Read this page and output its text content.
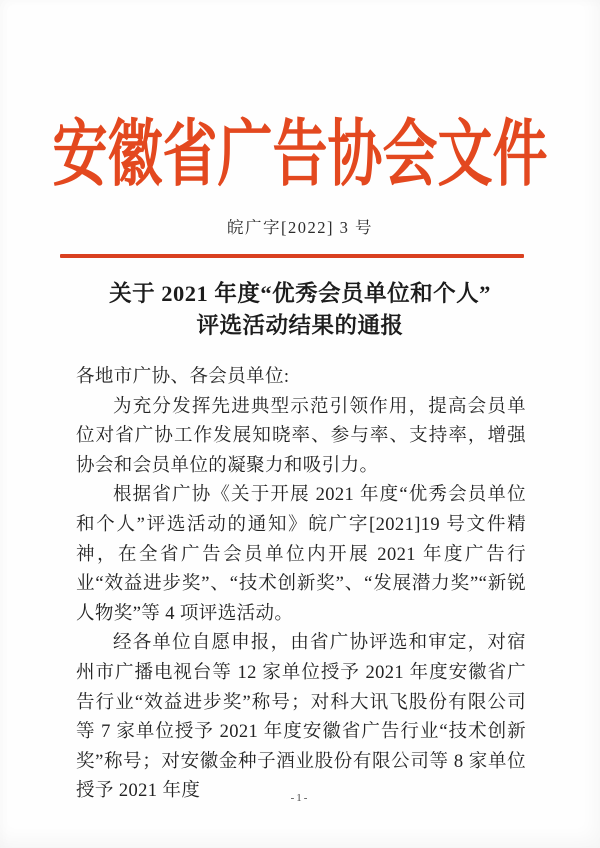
安徽省广告协会文件
皖广字[2022] 3 号
关于 2021 年度“优秀会员单位和个人”
评选活动结果的通报

各地市广协、各会员单位:

为充分发挥先进典型示范引领作用，提高会员单位对省广协工作发展知晓率、参与率、支持率，增强协会和会员单位的凝聚力和吸引力。

根据省广协《关于开展 2021 年度“优秀会员单位和个人”评选活动的通知》皖广字[2021]19 号文件精神，在全省广告会员单位内开展 2021 年度广告行业“效益进步奖”、“技术创新奖”、“发展潜力奖”“新锐人物奖”等 4 项评选活动。

经各单位自愿申报，由省广协评选和审定，对宿州市广播电视台等 12 家单位授予 2021 年度安徽省广告行业“效益进步奖”称号；对科大讯飞股份有限公司等 7 家单位授予 2021 年度安徽省广告行业“技术创新奖”称号；对安徽金种子酒业股份有限公司等 8 家单位授予 2021 年度	-1-
